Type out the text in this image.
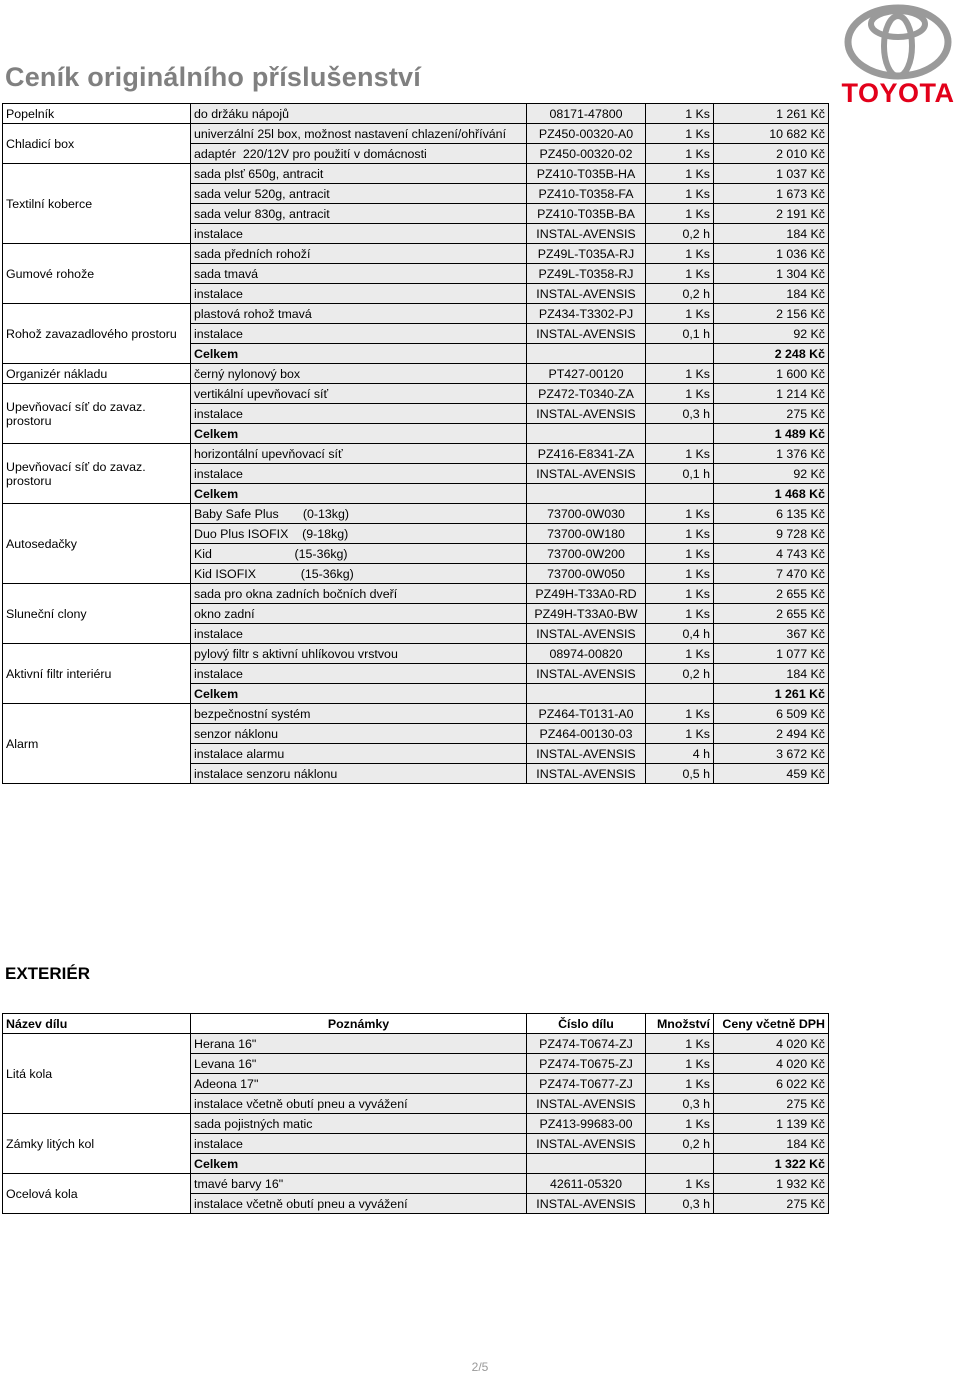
Ceník originálního příslušenství
TOYOTA
Popelník	do držáku nápojů	08171-47800	1 Ks	1 261 Kč
Chladicí box	univerzální 25l box, možnost nastavení chlazení/ohřívání	PZ450-00320-A0	1 Ks	10 682 Kč
	adaptér  220/12V pro použití v domácnosti	PZ450-00320-02	1 Ks	2 010 Kč
Textilní koberce	sada plsť 650g, antracit	PZ410-T035B-HA	1 Ks	1 037 Kč
	sada velur 520g, antracit	PZ410-T0358-FA	1 Ks	1 673 Kč
	sada velur 830g, antracit	PZ410-T035B-BA	1 Ks	2 191 Kč
	instalace	INSTAL-AVENSIS	0,2 h	184 Kč
Gumové rohože	sada předních rohoží	PZ49L-T035A-RJ	1 Ks	1 036 Kč
	sada tmavá	PZ49L-T0358-RJ	1 Ks	1 304 Kč
	instalace	INSTAL-AVENSIS	0,2 h	184 Kč
Rohož zavazadlového prostoru	plastová rohož tmavá	PZ434-T3302-PJ	1 Ks	2 156 Kč
	instalace	INSTAL-AVENSIS	0,1 h	92 Kč
	Celkem			2 248 Kč
Organizér nákladu	černý nylonový box	PT427-00120	1 Ks	1 600 Kč
Upevňovací síť do zavaz. prostoru	vertikální upevňovací síť	PZ472-T0340-ZA	1 Ks	1 214 Kč
	instalace	INSTAL-AVENSIS	0,3 h	275 Kč
	Celkem			1 489 Kč
Upevňovací síť do zavaz. prostoru	horizontální upevňovací síť	PZ416-E8341-ZA	1 Ks	1 376 Kč
	instalace	INSTAL-AVENSIS	0,1 h	92 Kč
	Celkem			1 468 Kč
Autosedačky	Baby Safe Plus       (0-13kg)	73700-0W030	1 Ks	6 135 Kč
	Duo Plus ISOFIX    (9-18kg)	73700-0W180	1 Ks	9 728 Kč
	Kid                        (15-36kg)	73700-0W200	1 Ks	4 743 Kč
	Kid ISOFIX             (15-36kg)	73700-0W050	1 Ks	7 470 Kč
Sluneční clony	sada pro okna zadních bočních dveří	PZ49H-T33A0-RD	1 Ks	2 655 Kč
	okno zadní	PZ49H-T33A0-BW	1 Ks	2 655 Kč
	instalace	INSTAL-AVENSIS	0,4 h	367 Kč
Aktivní filtr interiéru	pylový filtr s aktivní uhlíkovou vrstvou	08974-00820	1 Ks	1 077 Kč
	instalace	INSTAL-AVENSIS	0,2 h	184 Kč
	Celkem			1 261 Kč
Alarm	bezpečnostní systém	PZ464-T0131-A0	1 Ks	6 509 Kč
	senzor náklonu	PZ464-00130-03	1 Ks	2 494 Kč
	instalace alarmu	INSTAL-AVENSIS	4 h	3 672 Kč
	instalace senzoru náklonu	INSTAL-AVENSIS	0,5 h	459 Kč
EXTERIÉR
Název dílu	Poznámky	Číslo dílu	Množství	Ceny včetně DPH
Litá kola	Herana 16"	PZ474-T0674-ZJ	1 Ks	4 020 Kč
	Levana 16"	PZ474-T0675-ZJ	1 Ks	4 020 Kč
	Adeona 17"	PZ474-T0677-ZJ	1 Ks	6 022 Kč
	instalace včetně obutí pneu a vyvážení	INSTAL-AVENSIS	0,3 h	275 Kč
Zámky litých kol	sada pojistných matic	PZ413-99683-00	1 Ks	1 139 Kč
	instalace	INSTAL-AVENSIS	0,2 h	184 Kč
	Celkem			1 322 Kč
Ocelová kola	tmavé barvy 16"	42611-05320	1 Ks	1 932 Kč
	instalace včetně obutí pneu a vyvážení	INSTAL-AVENSIS	0,3 h	275 Kč
2/5
